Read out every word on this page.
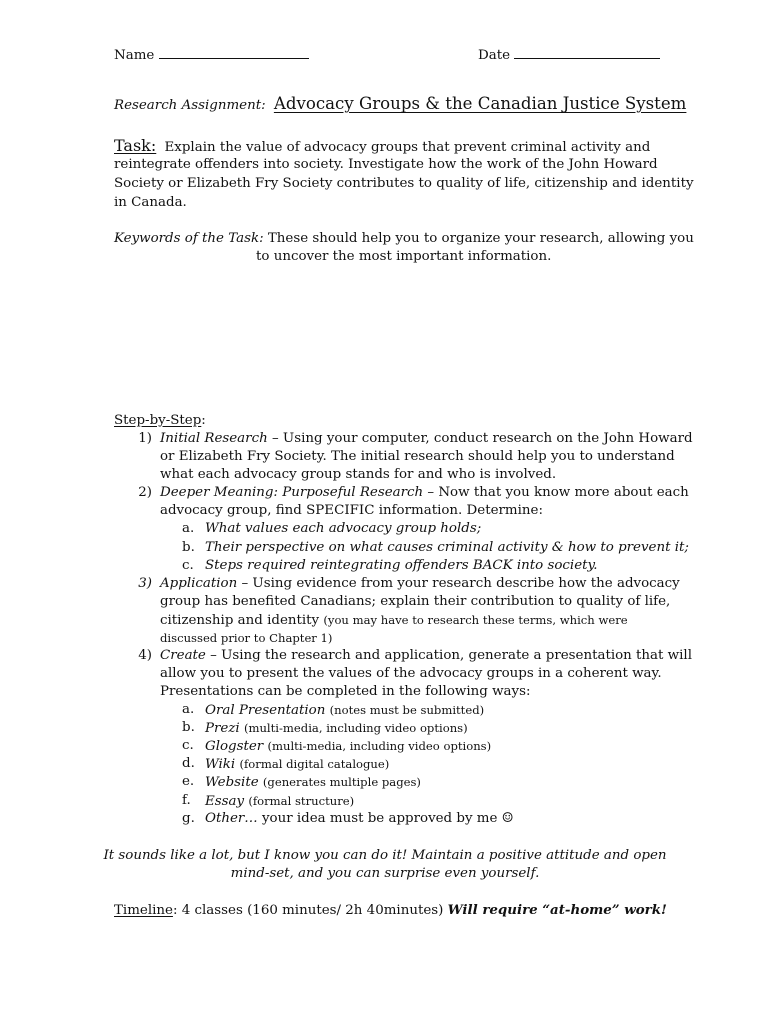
Name	Date
Research Assignment: Advocacy Groups & the Canadian Justice System
Task: Explain the value of advocacy groups that prevent criminal activity and
reintegrate offenders into society. Investigate how the work of the John Howard
Society or Elizabeth Fry Society contributes to quality of life, citizenship and identity
in Canada.
Keywords of the Task: These should help you to organize your research, allowing you
to uncover the most important information.
Step-by-Step:
1) Initial Research – Using your computer, conduct research on the John Howard
or Elizabeth Fry Society. The initial research should help you to understand
what each advocacy group stands for and who is involved.
2) Deeper Meaning: Purposeful Research – Now that you know more about each
advocacy group, find SPECIFIC information. Determine:
a. What values each advocacy group holds;
b. Their perspective on what causes criminal activity & how to prevent it;
c. Steps required reintegrating offenders BACK into society.
3) Application – Using evidence from your research describe how the advocacy
group has benefited Canadians; explain their contribution to quality of life,
citizenship and identity (you may have to research these terms, which were
discussed prior to Chapter 1)
4) Create – Using the research and application, generate a presentation that will
allow you to present the values of the advocacy groups in a coherent way.
Presentations can be completed in the following ways:
a. Oral Presentation (notes must be submitted)
b. Prezi (multi-media, including video options)
c. Glogster (multi-media, including video options)
d. Wiki (formal digital catalogue)
e. Website (generates multiple pages)
f. Essay (formal structure)
g. Other… your idea must be approved by me ☺
It sounds like a lot, but I know you can do it! Maintain a positive attitude and open
mind-set, and you can surprise even yourself.
Timeline: 4 classes (160 minutes/ 2h 40minutes) Will require “at-home” work!
